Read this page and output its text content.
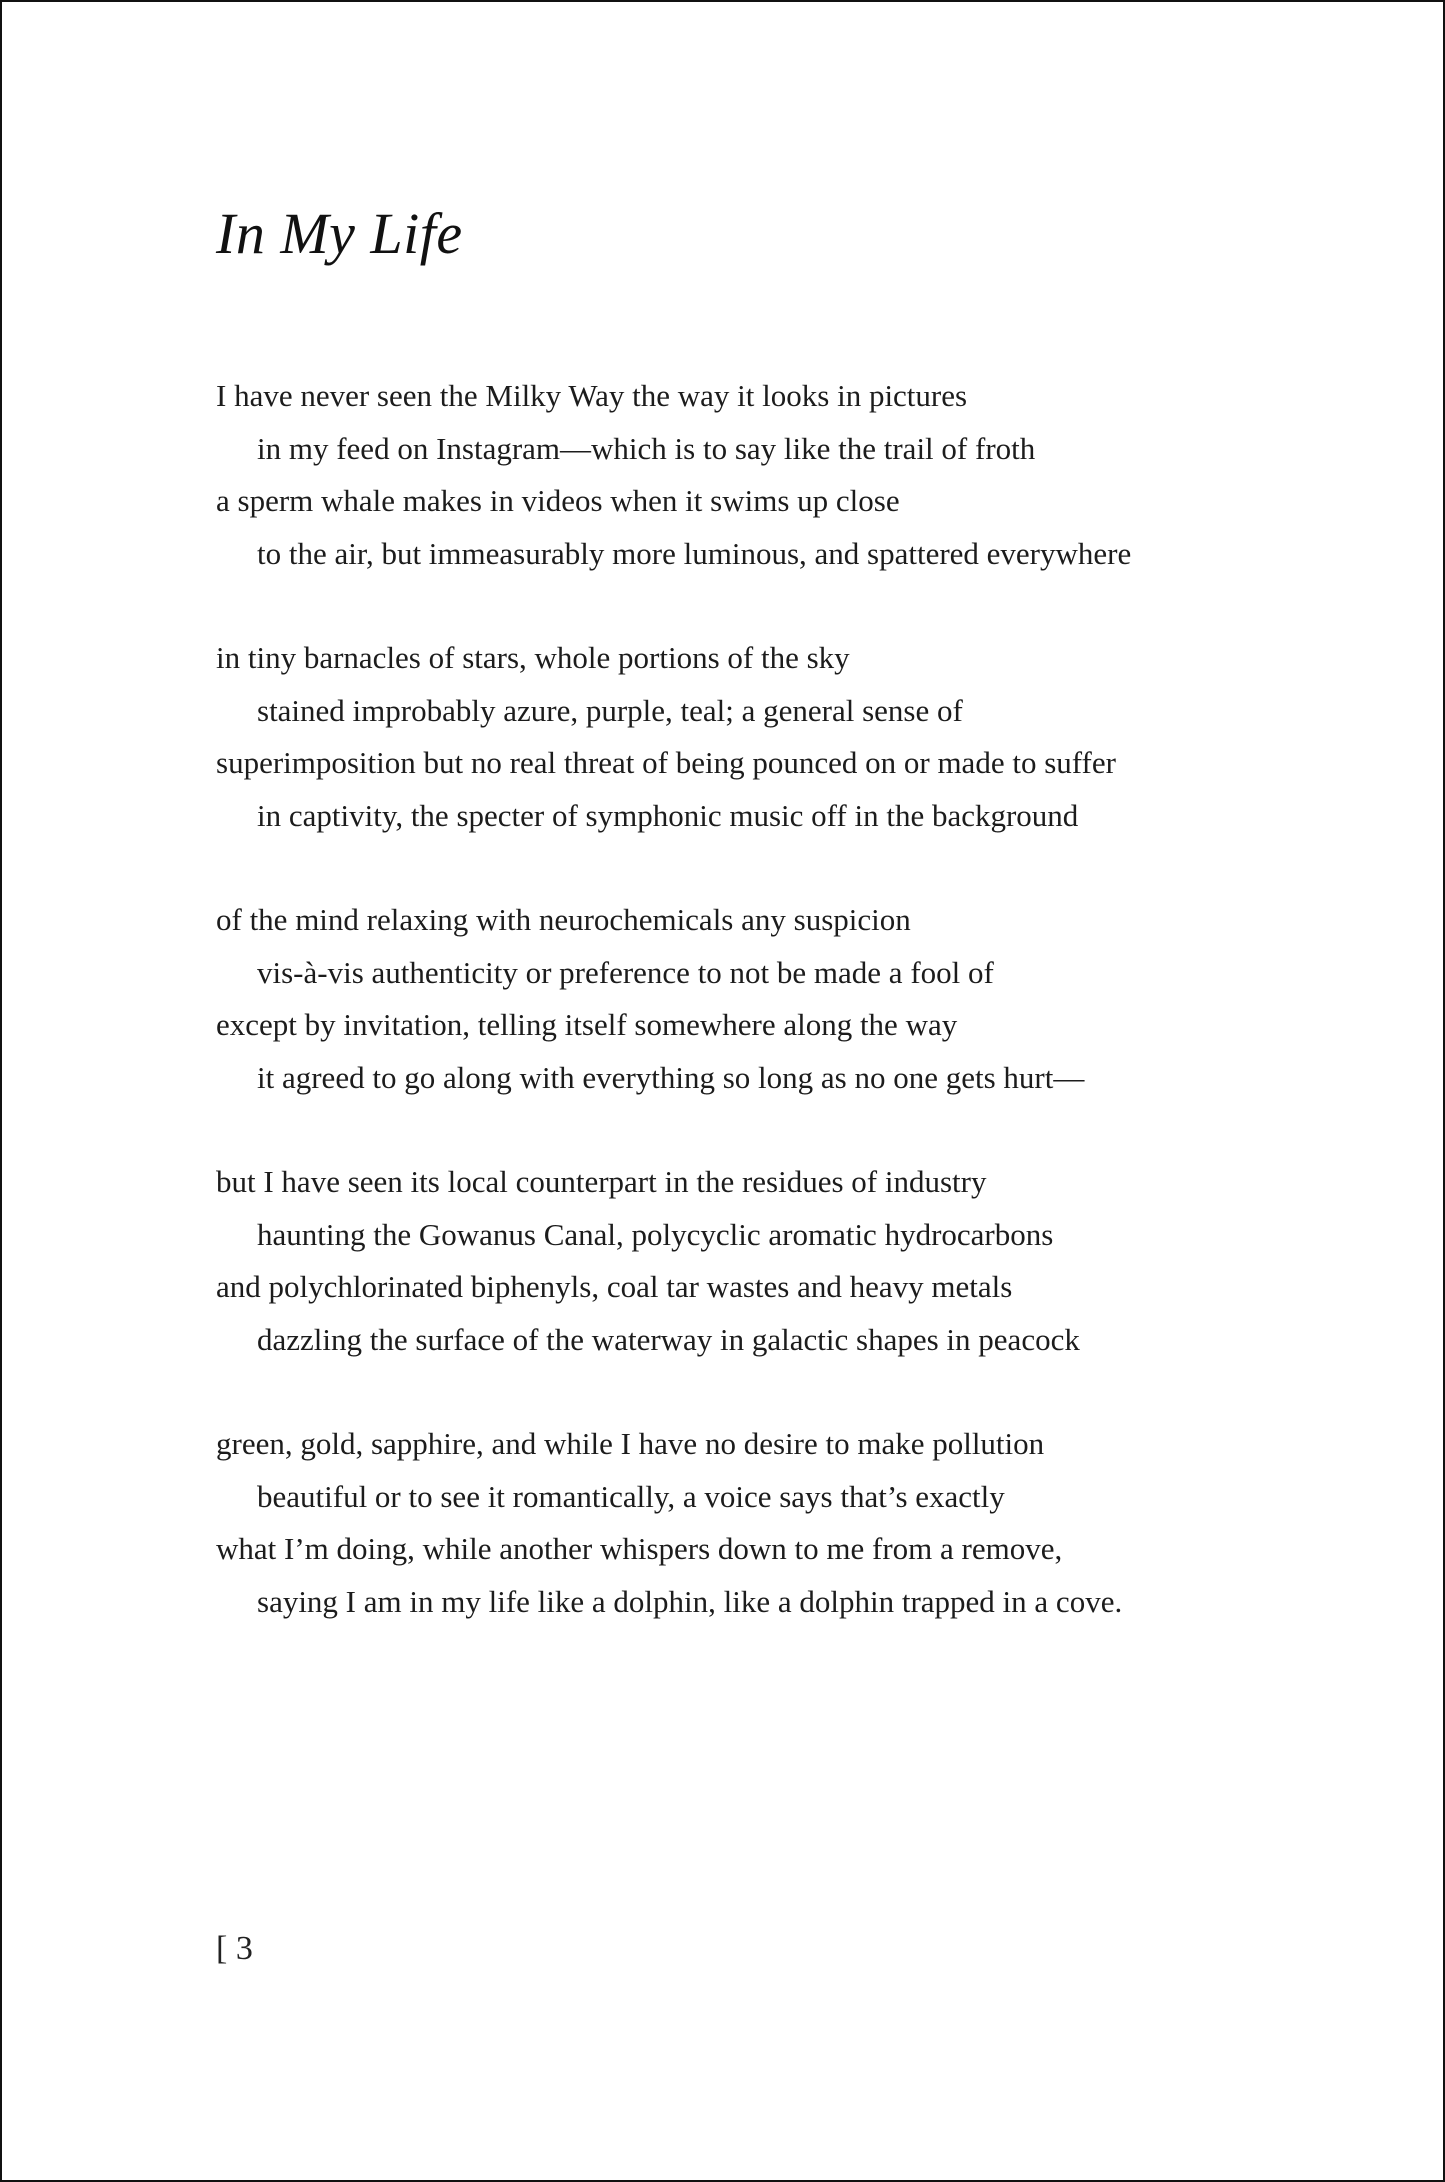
In My Life
I have never seen the Milky Way the way it looks in pictures
in my feed on Instagram—which is to say like the trail of froth
a sperm whale makes in videos when it swims up close
to the air, but immeasurably more luminous, and spattered everywhere
in tiny barnacles of stars, whole portions of the sky
stained improbably azure, purple, teal; a general sense of
superimposition but no real threat of being pounced on or made to suffer
in captivity, the specter of symphonic music off in the background
of the mind relaxing with neurochemicals any suspicion
vis-à-vis authenticity or preference to not be made a fool of
except by invitation, telling itself somewhere along the way
it agreed to go along with everything so long as no one gets hurt—
but I have seen its local counterpart in the residues of industry
haunting the Gowanus Canal, polycyclic aromatic hydrocarbons
and polychlorinated biphenyls, coal tar wastes and heavy metals
dazzling the surface of the waterway in galactic shapes in peacock
green, gold, sapphire, and while I have no desire to make pollution
beautiful or to see it romantically, a voice says that’s exactly
what I’m doing, while another whispers down to me from a remove,
saying I am in my life like a dolphin, like a dolphin trapped in a cove.
[ 3
